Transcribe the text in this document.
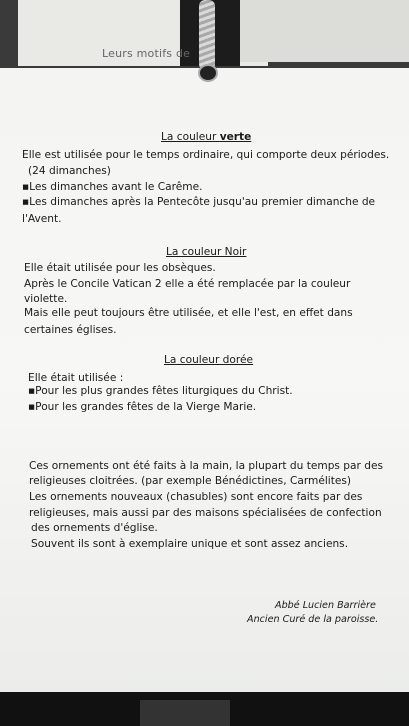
Leurs motifs de
La couleur verte
Elle est utilisée pour le temps ordinaire, qui comporte deux périodes.
(24 dimanches)
▪Les dimanches avant le Carême.
▪Les dimanches après la Pentecôte jusqu'au premier dimanche de
l'Avent.
La couleur Noir
Elle était utilisée pour les obsèques.
Après le Concile Vatican 2 elle a été remplacée par la couleur
violette.
Mais elle peut toujours être utilisée, et elle l'est, en effet dans
certaines églises.
La couleur dorée
Elle était utilisée :
▪Pour les plus grandes fêtes liturgiques du Christ.
▪Pour les grandes fêtes de la Vierge Marie.
Ces ornements ont été faits à la main, la plupart du temps par des
religieuses cloitrées. (par exemple Bénédictines, Carmélites)
Les ornements nouveaux (chasubles) sont encore faits par des
religieuses, mais aussi par des maisons spécialisées de confection
des ornements d'église.
Souvent ils sont à exemplaire unique et sont assez anciens.
Abbé Lucien Barrière
Ancien Curé de la paroisse.
